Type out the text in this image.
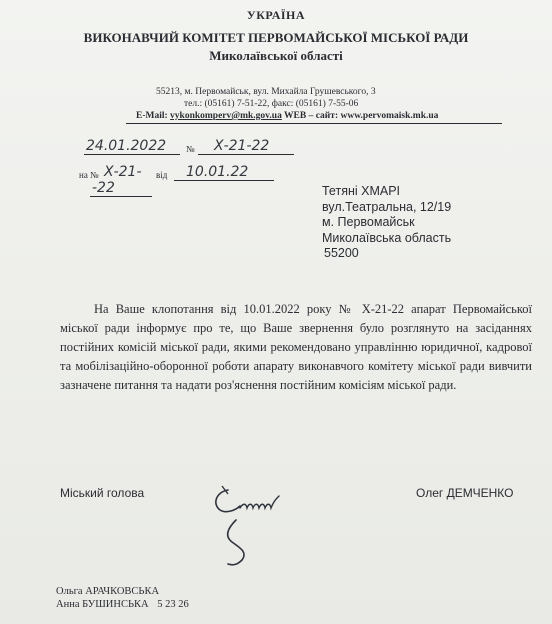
УКРАЇНА
ВИКОНАВЧИЙ КОМІТЕТ ПЕРВОМАЙСЬКОЇ МІСЬКОЇ РАДИ
Миколаївської області
55213, м. Первомайськ, вул. Михайла Грушевського, 3
тел.: (05161) 7-51-22, факс: (05161) 7-55-06
E-Mail: vykonkomperv@mk.gov.ua WEB – сайт: www.pervomaisk.mk.ua
24.01.2022 № Х-21-22
на № Х-21- від 10.01.22
-22	Тетяні ХМАРІ
вул.Театральна, 12/19
м. Первомайськ
Миколаївська область
55200

На Ваше клопотання від 10.01.2022 року № Х-21-22 апарат Первомайської міської ради інформує про те, що Ваше звернення було розглянуто на засіданнях постійних комісій міської ради, якими рекомендовано управлінню юридичної, кадрової та мобілізаційно-оборонної роботи апарату виконавчого комітету міської ради вивчити зазначене питання та надати роз'яснення постійним комісіям міської ради.

Міський голова	Олег ДЕМЧЕНКО
Ольга АРАЧКОВСЬКА
Анна БУШИНСЬКА 5 23 26
